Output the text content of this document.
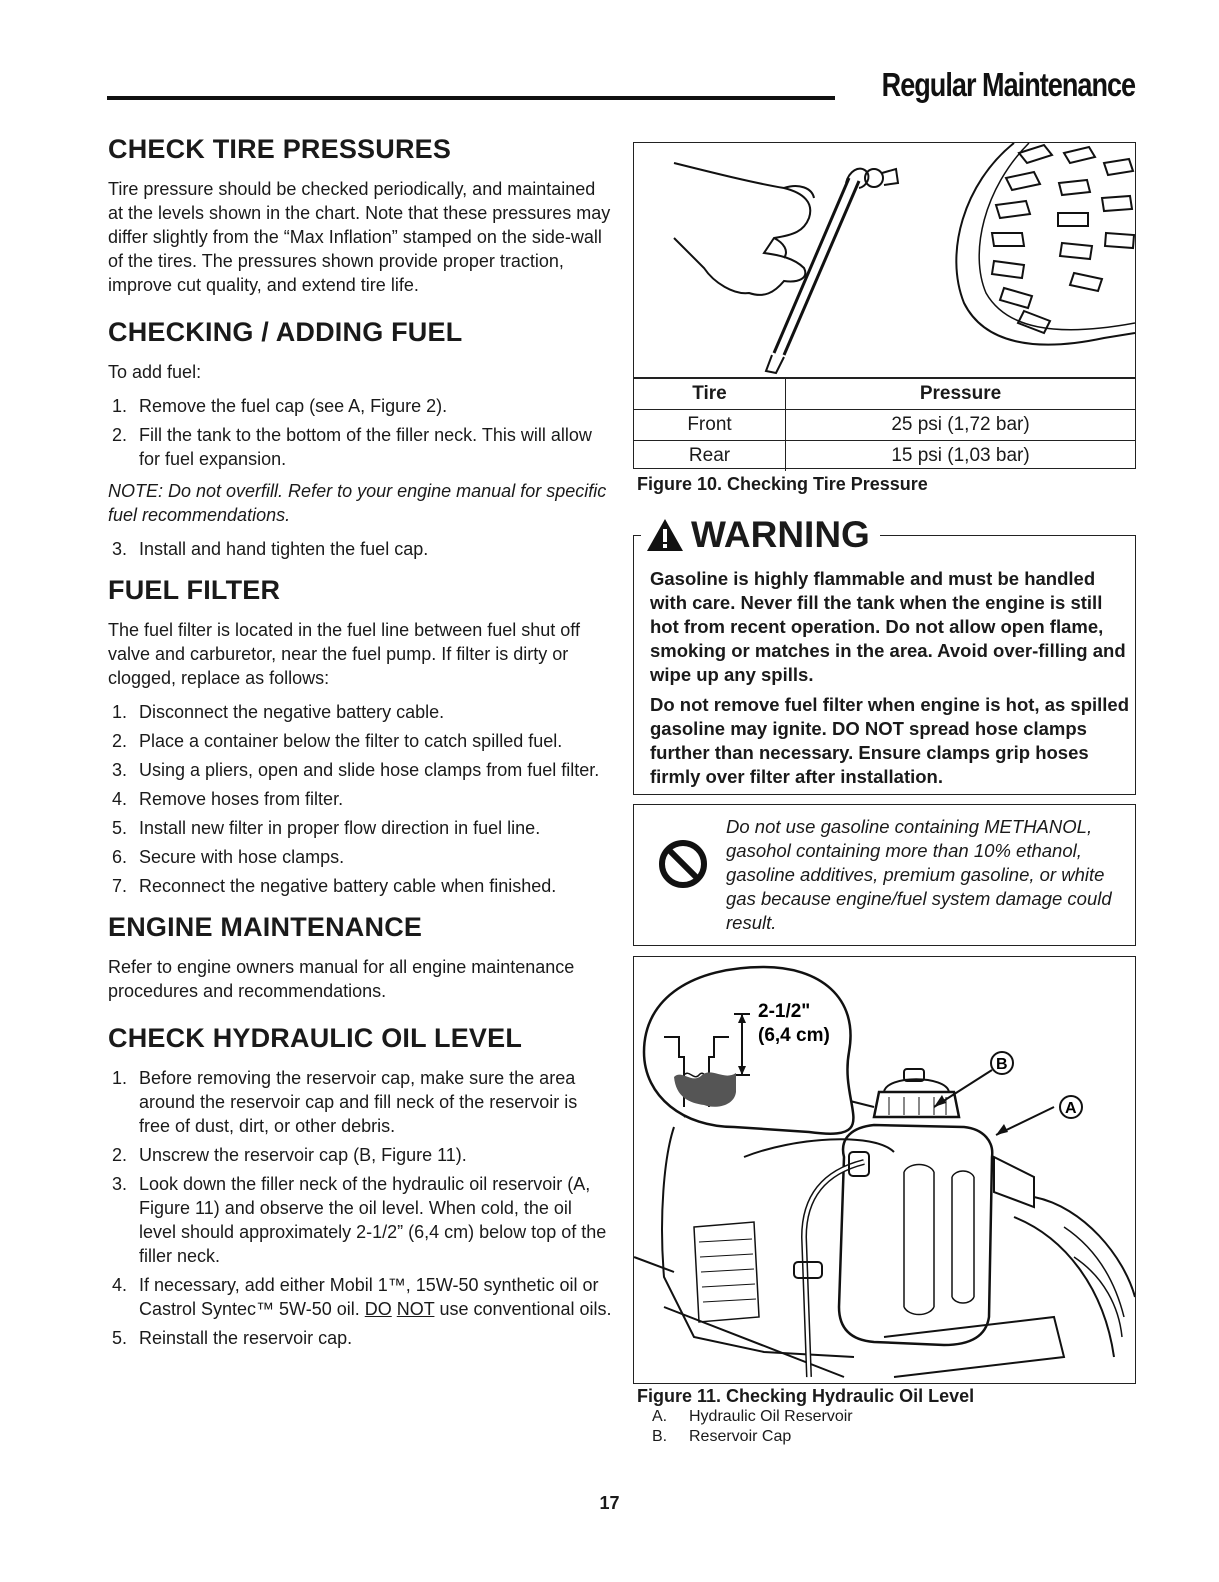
Regular Maintenance
CHECK TIRE PRESSURES

Tire pressure should be checked periodically, and maintained at the levels shown in the chart. Note that these pressures may differ slightly from the “Max Inflation” stamped on the side-wall of the tires. The pressures shown provide proper traction, improve cut quality, and extend tire life.

CHECKING / ADDING FUEL

To add fuel:

1. Remove the fuel cap (see A, Figure 2).
2. Fill the tank to the bottom of the filler neck. This will allow for fuel expansion.

NOTE: Do not overfill. Refer to your engine manual for specific fuel recommendations.

3. Install and hand tighten the fuel cap.
FUEL FILTER

The fuel filter is located in the fuel line between fuel shut off valve and carburetor, near the fuel pump. If filter is dirty or clogged, replace as follows:

1. Disconnect the negative battery cable.
2. Place a container below the filter to catch spilled fuel.
3. Using a pliers, open and slide hose clamps from fuel filter.
4. Remove hoses from filter.
5. Install new filter in proper flow direction in fuel line.
6. Secure with hose clamps.
7. Reconnect the negative battery cable when finished.
ENGINE MAINTENANCE

Refer to engine owners manual for all engine maintenance procedures and recommendations.

CHECK HYDRAULIC OIL LEVEL
1. Before removing the reservoir cap, make sure the area around the reservoir cap and fill neck of the reservoir is free of dust, dirt, or other debris.
2. Unscrew the reservoir cap (B, Figure 11).
3. Look down the filler neck of the hydraulic oil reservoir (A, Figure 11) and observe the oil level. When cold, the oil level should approximately 2-1/2” (6,4 cm) below top of the filler neck.
4. If necessary, add either Mobil 1™, 15W-50 synthetic oil or Castrol Syntec™ 5W-50 oil. DO NOT use conventional oils.
5. Reinstall the reservoir cap.
Tire	Pressure
Front	25 psi (1,72 bar)
Rear	15 psi (1,03 bar)
Figure 10. Checking Tire Pressure
WARNING

Gasoline is highly flammable and must be handled with care. Never fill the tank when the engine is still hot from recent operation. Do not allow open flame, smoking or matches in the area. Avoid over-filling and wipe up any spills.

Do not remove fuel filter when engine is hot, as spilled gasoline may ignite. DO NOT spread hose clamps further than necessary. Ensure clamps grip hoses firmly over filter after installation.

Do not use gasoline containing METHANOL, gasohol containing more than 10% ethanol, gasoline additives, premium gasoline, or white gas because engine/fuel system damage could result.
2-1/2"
(6,4 cm)
B
A
Figure 11. Checking Hydraulic Oil Level
A.	Hydraulic Oil Reservoir
B.	Reservoir Cap
17
